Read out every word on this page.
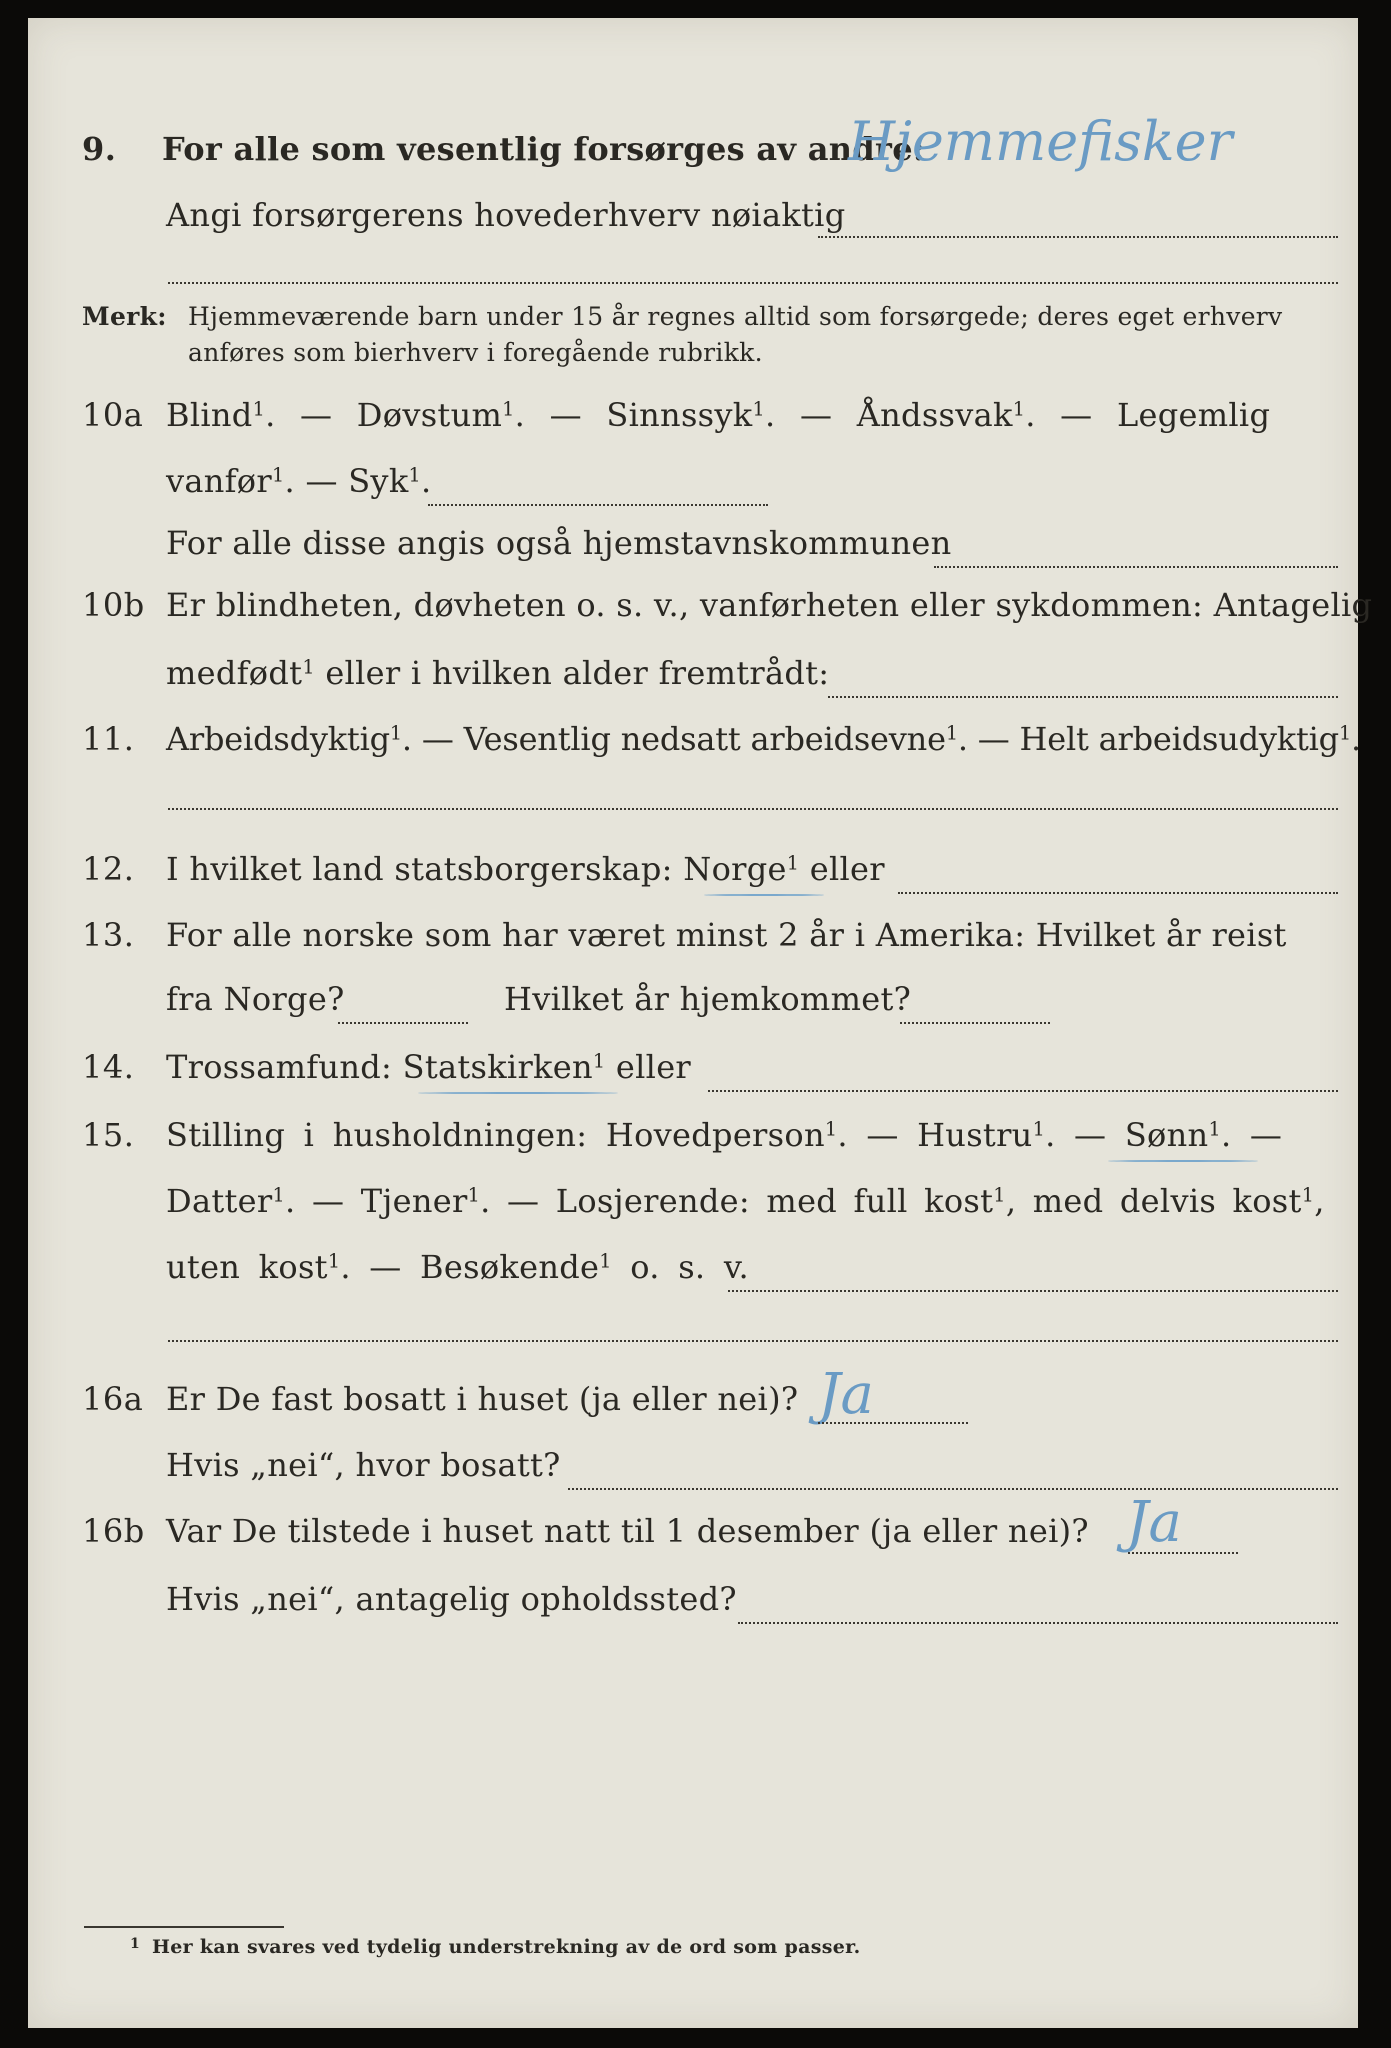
9. For alle som vesentlig forsørges av andre:
Hjemmefisker
Angi forsørgerens hovederhverv nøiaktig
Merk: Hjemmeværende barn under 15 år regnes alltid som forsørgede; deres eget erhverv
anføres som bierhverv i foregående rubrikk.
10a Blind$^1$. — Døvstum$^1$. — Sinnssyk$^1$. — Åndssvak$^1$. — Legemlig
vanfør$^1$. — Syk$^1$.
For alle disse angis også hjemstavnskommunen
10b Er blindheten, døvheten o. s. v., vanførheten eller sykdommen: Antagelig
medfødt$^1$ eller i hvilken alder fremtrådt:
11. Arbeidsdyktig$^1$. — Vesentlig nedsatt arbeidsevne$^1$. — Helt arbeidsudyktig$^1$.
12. I hvilket land statsborgerskap: Norge$^1$ eller
13. For alle norske som har været minst 2 år i Amerika: Hvilket år reist
fra Norge?	Hvilket år hjemkommet?
14. Trossamfund: Statskirken$^1$ eller
15. Stilling i husholdningen: Hovedperson$^1$. — Hustru$^1$. — Sønn$^1$. —
Datter$^1$. — Tjener$^1$. — Losjerende: med full kost$^1$, med delvis kost$^1$,
uten kost$^1$. — Besøkende$^1$ o. s. v.
16a Er De fast bosatt i huset (ja eller nei)? Ja
Hvis „nei“, hvor bosatt?
16b Var De tilstede i huset natt til 1 desember (ja eller nei)? Ja
Hvis „nei“, antagelig opholdssted?
1 Her kan svares ved tydelig understrekning av de ord som passer.
